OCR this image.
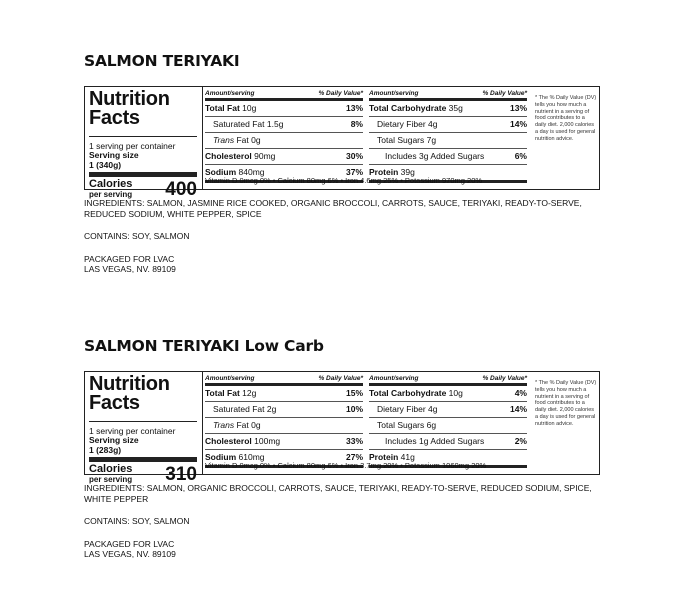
SALMON TERIYAKI
Nutrition Facts
1 serving per container
Serving size
1 (340g)
Calories
per serving 400
Amount/serving	% Daily Value*
Total Fat 10g	13%
Saturated Fat 1.5g	8%
Trans Fat 0g
Cholesterol 90mg	30%
Sodium 840mg	37%
Amount/serving	% Daily Value*
Total Carbohydrate 35g	13%
Dietary Fiber 4g	14%
Total Sugars 7g
Includes 3g Added Sugars	6%
Protein 39g
Vitamin D 0mcg 0% • Calcium 80mg 6% • Iron 4.6mg 25% • Potassium 970mg 20%
* The % Daily Value (DV) tells you how much a nutrient in a serving of food contributes to a daily diet. 2,000 calories a day is used for general nutrition advice.

INGREDIENTS: SALMON, JASMINE RICE COOKED, ORGANIC BROCCOLI, CARROTS, SAUCE, TERIYAKI, READY-TO-SERVE, REDUCED SODIUM, WHITE PEPPER, SPICE

CONTAINS: SOY, SALMON

PACKAGED FOR LVAC
LAS VEGAS, NV. 89109
SALMON TERIYAKI Low Carb
Nutrition Facts
1 serving per container
Serving size
1 (283g)
Calories
per serving 310
Amount/serving	% Daily Value*
Total Fat 12g	15%
Saturated Fat 2g	10%
Trans Fat 0g
Cholesterol 100mg	33%
Sodium 610mg	27%
Amount/serving	% Daily Value*
Total Carbohydrate 10g	4%
Dietary Fiber 4g	14%
Total Sugars 6g
Includes 1g Added Sugars	2%
Protein 41g
Vitamin D 0mcg 0% • Calcium 80mg 6% • Iron 3.7mg 20% • Potassium 1060mg 20%
* The % Daily Value (DV) tells you how much a nutrient in a serving of food contributes to a daily diet. 2,000 calories a day is used for general nutrition advice.

INGREDIENTS: SALMON, ORGANIC BROCCOLI, CARROTS, SAUCE, TERIYAKI, READY-TO-SERVE, REDUCED SODIUM, SPICE, WHITE PEPPER

CONTAINS: SOY, SALMON

PACKAGED FOR LVAC
LAS VEGAS, NV. 89109
